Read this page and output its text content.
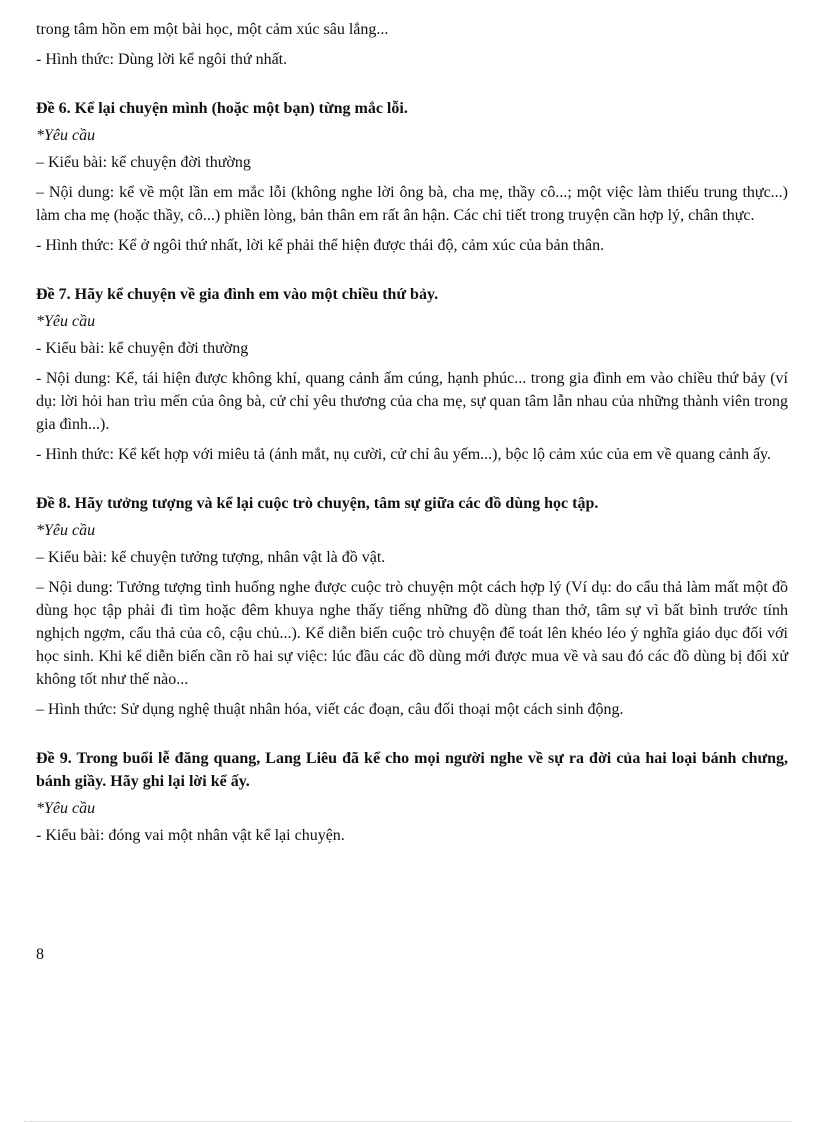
trong tâm hồn em một bài học, một cảm xúc sâu lắng...

- Hình thức: Dùng lời kể ngôi thứ nhất.

Đề 6. Kể lại chuyện mình (hoặc một bạn) từng mắc lỗi.

*Yêu cầu

– Kiểu bài: kể chuyện đời thường

– Nội dung: kể về một lần em mắc lỗi (không nghe lời ông bà, cha mẹ, thầy cô...; một việc làm thiếu trung thực...) làm cha mẹ (hoặc thầy, cô...) phiền lòng, bản thân em rất ân hận. Các chi tiết trong truyện cần hợp lý, chân thực.

- Hình thức: Kể ở ngôi thứ nhất, lời kể phải thể hiện được thái độ, cảm xúc của bản thân.

Đề 7. Hãy kể chuyện về gia đình em vào một chiều thứ bảy.

*Yêu cầu

- Kiểu bài: kể chuyện đời thường

- Nội dung: Kể, tái hiện được không khí, quang cảnh ấm cúng, hạnh phúc... trong gia đình em vào chiều thứ bảy (ví dụ: lời hỏi han trìu mến của ông bà, cử chỉ yêu thương của cha mẹ, sự quan tâm lẫn nhau của những thành viên trong gia đình...).

- Hình thức: Kể kết hợp với miêu tả (ánh mắt, nụ cười, cử chỉ âu yếm...), bộc lộ cảm xúc của em về quang cảnh ấy.

Đề 8. Hãy tưởng tượng và kể lại cuộc trò chuyện, tâm sự giữa các đồ dùng học tập.

*Yêu cầu

– Kiểu bài: kể chuyện tưởng tượng, nhân vật là đồ vật.

– Nội dung: Tưởng tượng tình huống nghe được cuộc trò chuyện một cách hợp lý (Ví dụ: do cẩu thả làm mất một đồ dùng học tập phải đi tìm hoặc đêm khuya nghe thấy tiếng những đồ dùng than thở, tâm sự vì bất bình trước tính nghịch ngợm, cẩu thả của cô, cậu chủ...). Kể diễn biến cuộc trò chuyện để toát lên khéo léo ý nghĩa giáo dục đối với học sinh. Khi kể diễn biến cần rõ hai sự việc: lúc đầu các đồ dùng mới được mua về và sau đó các đồ dùng bị đối xử không tốt như thế nào...

– Hình thức: Sử dụng nghệ thuật nhân hóa, viết các đoạn, câu đối thoại một cách sinh động.

Đề 9. Trong buổi lễ đăng quang, Lang Liêu đã kể cho mọi người nghe về sự ra đời của hai loại bánh chưng, bánh giầy. Hãy ghi lại lời kể ấy.

*Yêu cầu

- Kiểu bài: đóng vai một nhân vật kể lại chuyện.

8
